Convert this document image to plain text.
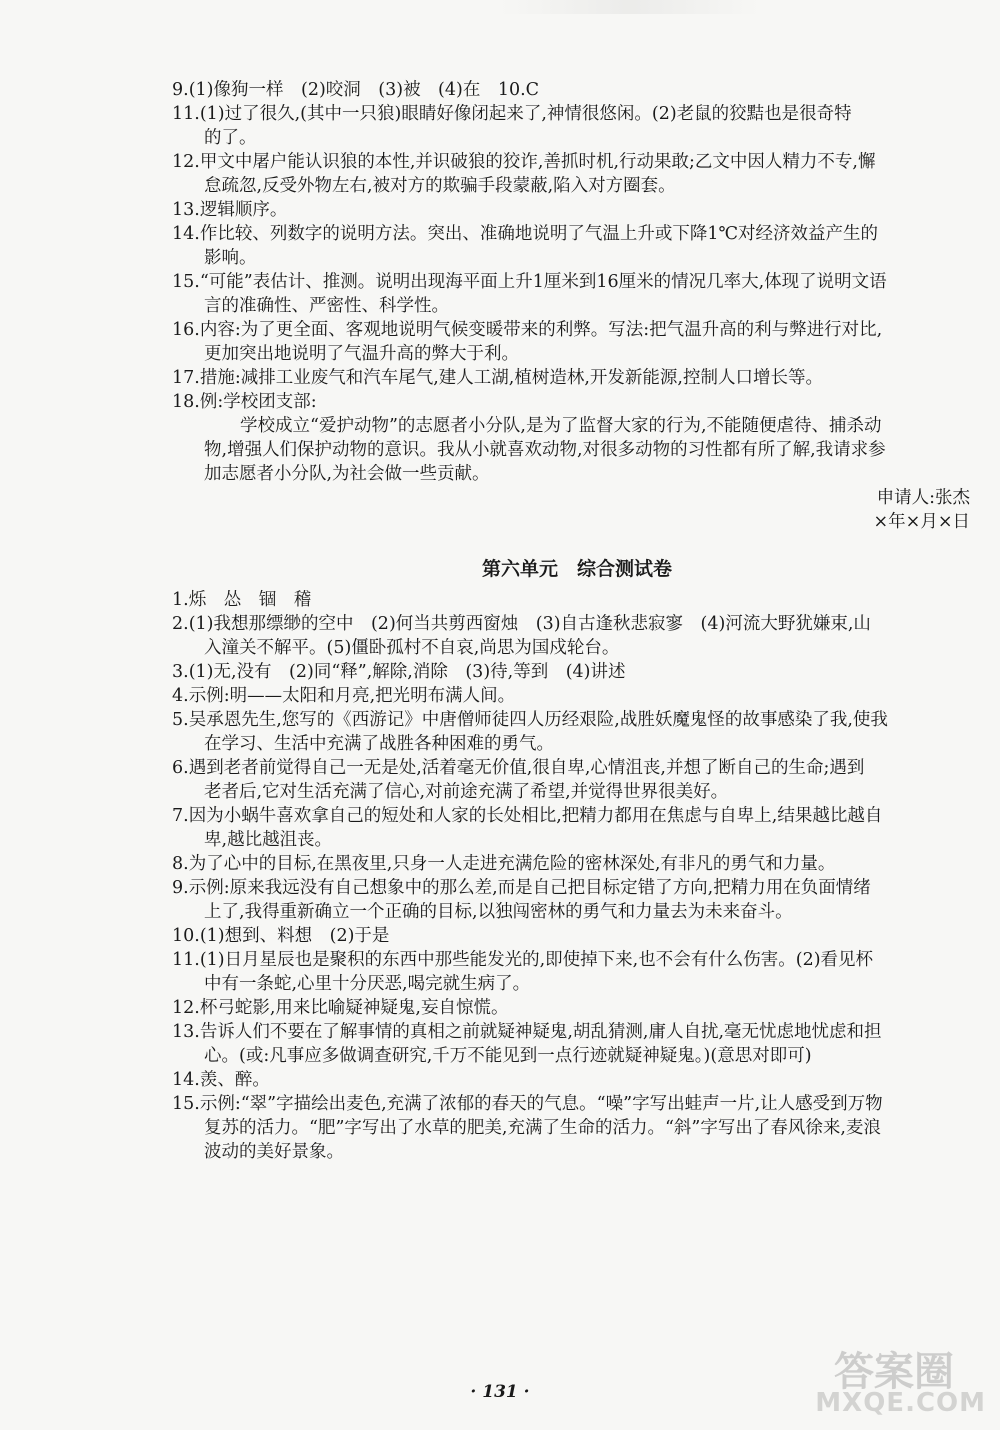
9.(1)像狗一样　(2)咬洞　(3)被　(4)在　10.C
11.(1)过了很久,(其中一只狼)眼睛好像闭起来了,神情很悠闲。(2)老鼠的狡黠也是很奇特
的了。
12.甲文中屠户能认识狼的本性,并识破狼的狡诈,善抓时机,行动果敢;乙文中因人精力不专,懈
怠疏忽,反受外物左右,被对方的欺骗手段蒙蔽,陷入对方圈套。
13.逻辑顺序。
14.作比较、列数字的说明方法。突出、准确地说明了气温上升或下降1℃对经济效益产生的
影响。
15.“可能”表估计、推测。说明出现海平面上升1厘米到16厘米的情况几率大,体现了说明文语
言的准确性、严密性、科学性。
16.内容:为了更全面、客观地说明气候变暖带来的利弊。写法:把气温升高的利与弊进行对比,
更加突出地说明了气温升高的弊大于利。
17.措施:减排工业废气和汽车尾气,建人工湖,植树造林,开发新能源,控制人口增长等。
18.例:学校团支部:
学校成立“爱护动物”的志愿者小分队,是为了监督大家的行为,不能随便虐待、捕杀动
物,增强人们保护动物的意识。我从小就喜欢动物,对很多动物的习性都有所了解,我请求参
加志愿者小分队,为社会做一些贡献。
申请人:张杰
×年×月×日
第六单元　综合测试卷
1.烁　怂　锢　稽
2.(1)我想那缥缈的空中　(2)何当共剪西窗烛　(3)自古逢秋悲寂寥　(4)河流大野犹嫌束,山
入潼关不解平。(5)僵卧孤村不自哀,尚思为国戍轮台。
3.(1)无,没有　(2)同“释”,解除,消除　(3)待,等到　(4)讲述
4.示例:明——太阳和月亮,把光明布满人间。
5.吴承恩先生,您写的《西游记》中唐僧师徒四人历经艰险,战胜妖魔鬼怪的故事感染了我,使我
在学习、生活中充满了战胜各种困难的勇气。
6.遇到老者前觉得自己一无是处,活着毫无价值,很自卑,心情沮丧,并想了断自己的生命;遇到
老者后,它对生活充满了信心,对前途充满了希望,并觉得世界很美好。
7.因为小蜗牛喜欢拿自己的短处和人家的长处相比,把精力都用在焦虑与自卑上,结果越比越自
卑,越比越沮丧。
8.为了心中的目标,在黑夜里,只身一人走进充满危险的密林深处,有非凡的勇气和力量。
9.示例:原来我远没有自己想象中的那么差,而是自己把目标定错了方向,把精力用在负面情绪
上了,我得重新确立一个正确的目标,以独闯密林的勇气和力量去为未来奋斗。
10.(1)想到、料想　(2)于是
11.(1)日月星辰也是聚积的东西中那些能发光的,即使掉下来,也不会有什么伤害。(2)看见杯
中有一条蛇,心里十分厌恶,喝完就生病了。
12.杯弓蛇影,用来比喻疑神疑鬼,妄自惊慌。
13.告诉人们不要在了解事情的真相之前就疑神疑鬼,胡乱猜测,庸人自扰,毫无忧虑地忧虑和担
心。(或:凡事应多做调查研究,千万不能见到一点行迹就疑神疑鬼。)(意思对即可)
14.羡、醉。
15.示例:“翠”字描绘出麦色,充满了浓郁的春天的气息。“噪”字写出蛙声一片,让人感受到万物
复苏的活力。“肥”字写出了水草的肥美,充满了生命的活力。“斜”字写出了春风徐来,麦浪
波动的美好景象。
· 131 ·	答案圈
MXQE.COM
